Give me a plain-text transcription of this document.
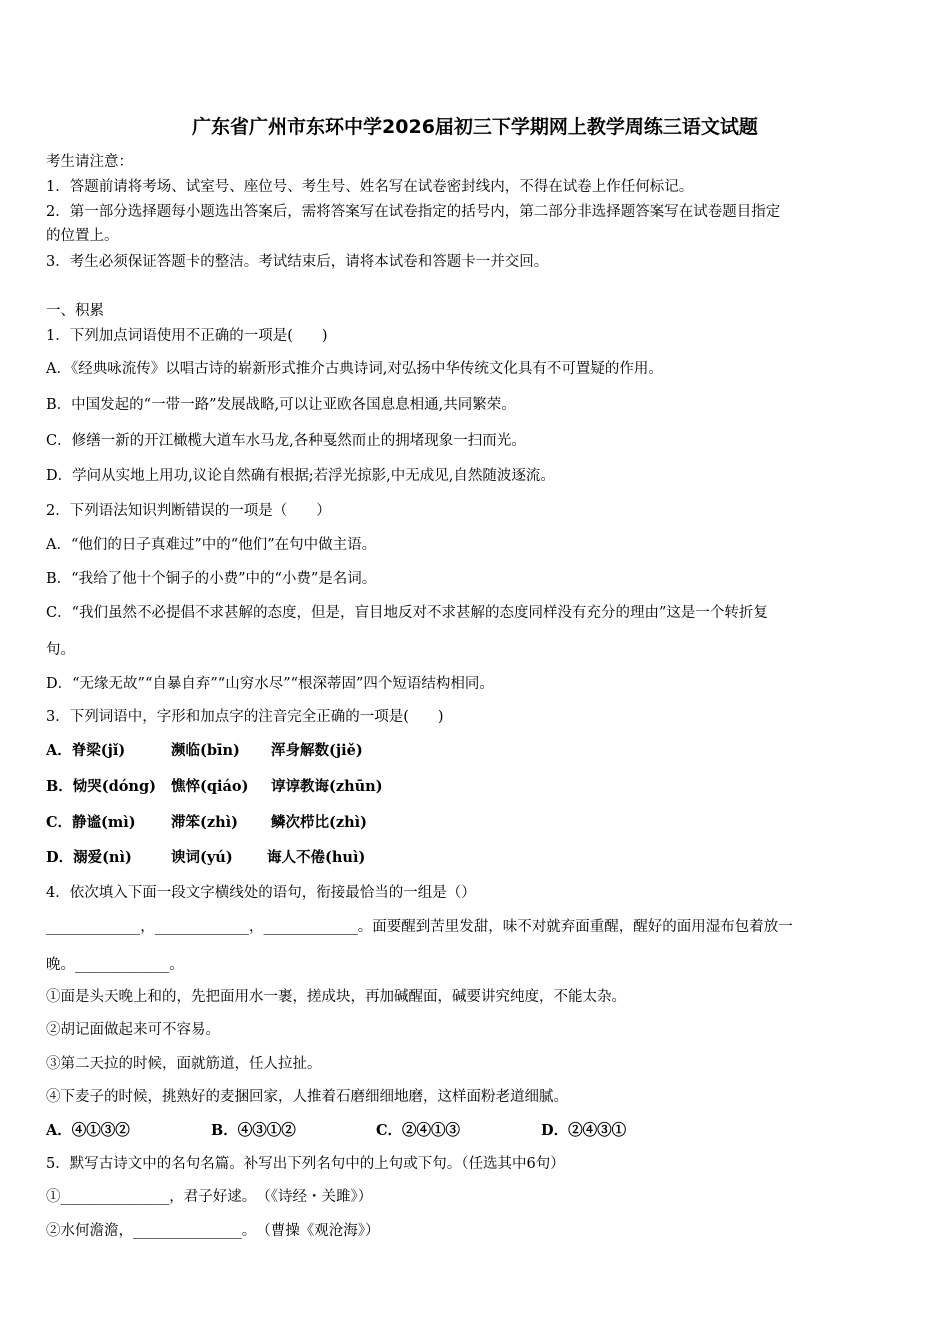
广东省广州市东环中学2026届初三下学期网上教学周练三语文试题
考生请注意：
1．答题前请将考场、试室号、座位号、考生号、姓名写在试卷密封线内，不得在试卷上作任何标记。
2．第一部分选择题每小题选出答案后，需将答案写在试卷指定的括号内，第二部分非选择题答案写在试卷题目指定
的位置上。
3．考生必须保证答题卡的整洁。考试结束后，请将本试卷和答题卡一并交回。
一、积累
1．下列加点词语使用不正确的一项是(　　)
A．《经典咏流传》以唱古诗的崭新形式推介古典诗词,对弘扬中华传统文化具有不可置疑的作用。
B．中国发起的“一带一路”发展战略,可以让亚欧各国息息相通,共同繁荣。
C．修缮一新的开江橄榄大道车水马龙,各种戛然而止的拥堵现象一扫而光。
D．学问从实地上用功,议论自然确有根据;若浮光掠影,中无成见,自然随波逐流。
2．下列语法知识判断错误的一项是（　　）
A．“他们的日子真难过”中的“他们”在句中做主语。
B．“我给了他十个铜子的小费”中的“小费”是名词。
C．“我们虽然不必提倡不求甚解的态度，但是，盲目地反对不求甚解的态度同样没有充分的理由”这是一个转折复
句。
D．“无缘无故”“自暴自弃”“山穷水尽”“根深蒂固”四个短语结构相同。
3．下列词语中，字形和加点字的注音完全正确的一项是(　　)
A．脊梁(jǐ)	濒临(bīn) 浑身解数(jiě)
B．恸哭(dóng) 憔悴(qiáo) 谆谆教诲(zhūn)
C．静谧(mì) 滞笨(zhì) 鳞次栉比(zhì)
D．溺爱(nì)	谀词(yú) 诲人不倦(huì)
4．依次填入下面一段文字横线处的语句，衔接最恰当的一组是（）
_____________，_____________，_____________。面要醒到苦里发甜，味不对就弃面重醒，醒好的面用湿布包着放一
晚。_____________。
①面是头天晚上和的，先把面用水一裹，搓成块，再加碱醒面，碱要讲究纯度，不能太杂。
②胡记面做起来可不容易。
③第二天拉的时候，面就筋道，任人拉扯。
④下麦子的时候，挑熟好的麦捆回家，人推着石磨细细地磨，这样面粉老道细腻。
A．④①③②	B．④③①②	C．②④①③	D．②④③①
5．默写古诗文中的名句名篇。补写出下列名句中的上句或下句。（任选其中6句）
①_______________，君子好逑。　（《诗经・关雎》）
②水何澹澹，_______________。　（曹操《观沧海》）
